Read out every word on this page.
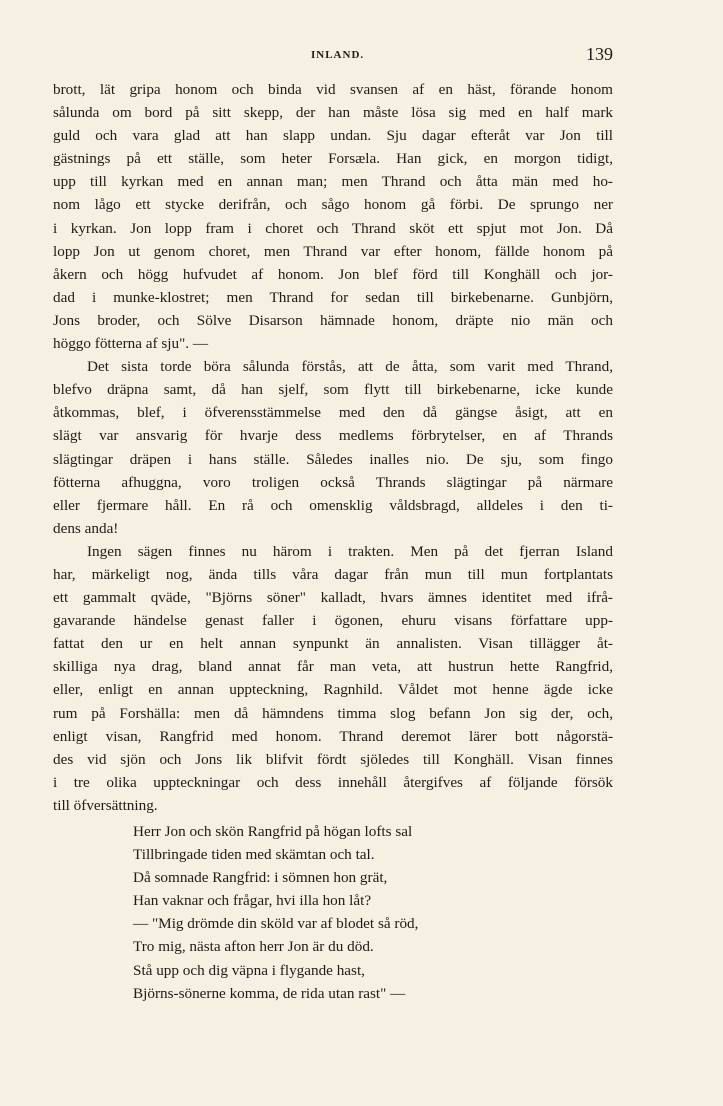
INLAND.	139
brott, lät gripa honom och binda vid svansen af en häst, förande honom
sålunda om bord på sitt skepp, der han måste lösa sig med en half mark
guld och vara glad att han slapp undan. Sju dagar efteråt var Jon till
gästnings på ett ställe, som heter Forsæla. Han gick, en morgon tidigt,
upp till kyrkan med en annan man; men Thrand och åtta män med ho-
nom lågo ett stycke derifrån, och sågo honom gå förbi. De sprungo ner
i kyrkan. Jon lopp fram i choret och Thrand sköt ett spjut mot Jon. Då
lopp Jon ut genom choret, men Thrand var efter honom, fällde honom på
åkern och högg hufvudet af honom. Jon blef förd till Konghäll och jor-
dad i munke-klostret; men Thrand for sedan till birkebenarne. Gunbjörn,
Jons broder, och Sölve Disarson hämnade honom, dräpte nio män och
höggo fötterna af sju". —
Det sista torde böra sålunda förstås, att de åtta, som varit med Thrand,
blefvo dräpna samt, då han sjelf, som flytt till birkebenarne, icke kunde
åtkommas, blef, i öfverensstämmelse med den då gängse åsigt, att en
slägt var ansvarig för hvarje dess medlems förbrytelser, en af Thrands
slägtingar dräpen i hans ställe. Således inalles nio. De sju, som fingo
fötterna afhuggna, voro troligen också Thrands slägtingar på närmare
eller fjermare håll. En rå och omensklig våldsbragd, alldeles i den ti-
dens anda!
Ingen sägen finnes nu härom i trakten. Men på det fjerran Island
har, märkeligt nog, ända tills våra dagar från mun till mun fortplantats
ett gammalt qväde, "Björns söner" kalladt, hvars ämnes identitet med ifrå-
gavarande händelse genast faller i ögonen, ehuru visans författare upp-
fattat den ur en helt annan synpunkt än annalisten. Visan tillägger åt-
skilliga nya drag, bland annat får man veta, att hustrun hette Rangfrid,
eller, enligt en annan uppteckning, Ragnhild. Våldet mot henne ägde icke
rum på Forshälla: men då hämndens timma slog befann Jon sig der, och,
enligt visan, Rangfrid med honom. Thrand deremot lärer bott någorstä-
des vid sjön och Jons lik blifvit fördt sjöledes till Konghäll. Visan finnes
i tre olika uppteckningar och dess innehåll återgifves af följande försök
till öfversättning.
Herr Jon och skön Rangfrid på högan lofts sal
Tillbringade tiden med skämtan och tal.
Då somnade Rangfrid: i sömnen hon grät,
Han vaknar och frågar, hvi illa hon låt?
— "Mig drömde din sköld var af blodet så röd,
Tro mig, nästa afton herr Jon är du död.
Stå upp och dig väpna i flygande hast,
Björns-sönerne komma, de rida utan rast" —
